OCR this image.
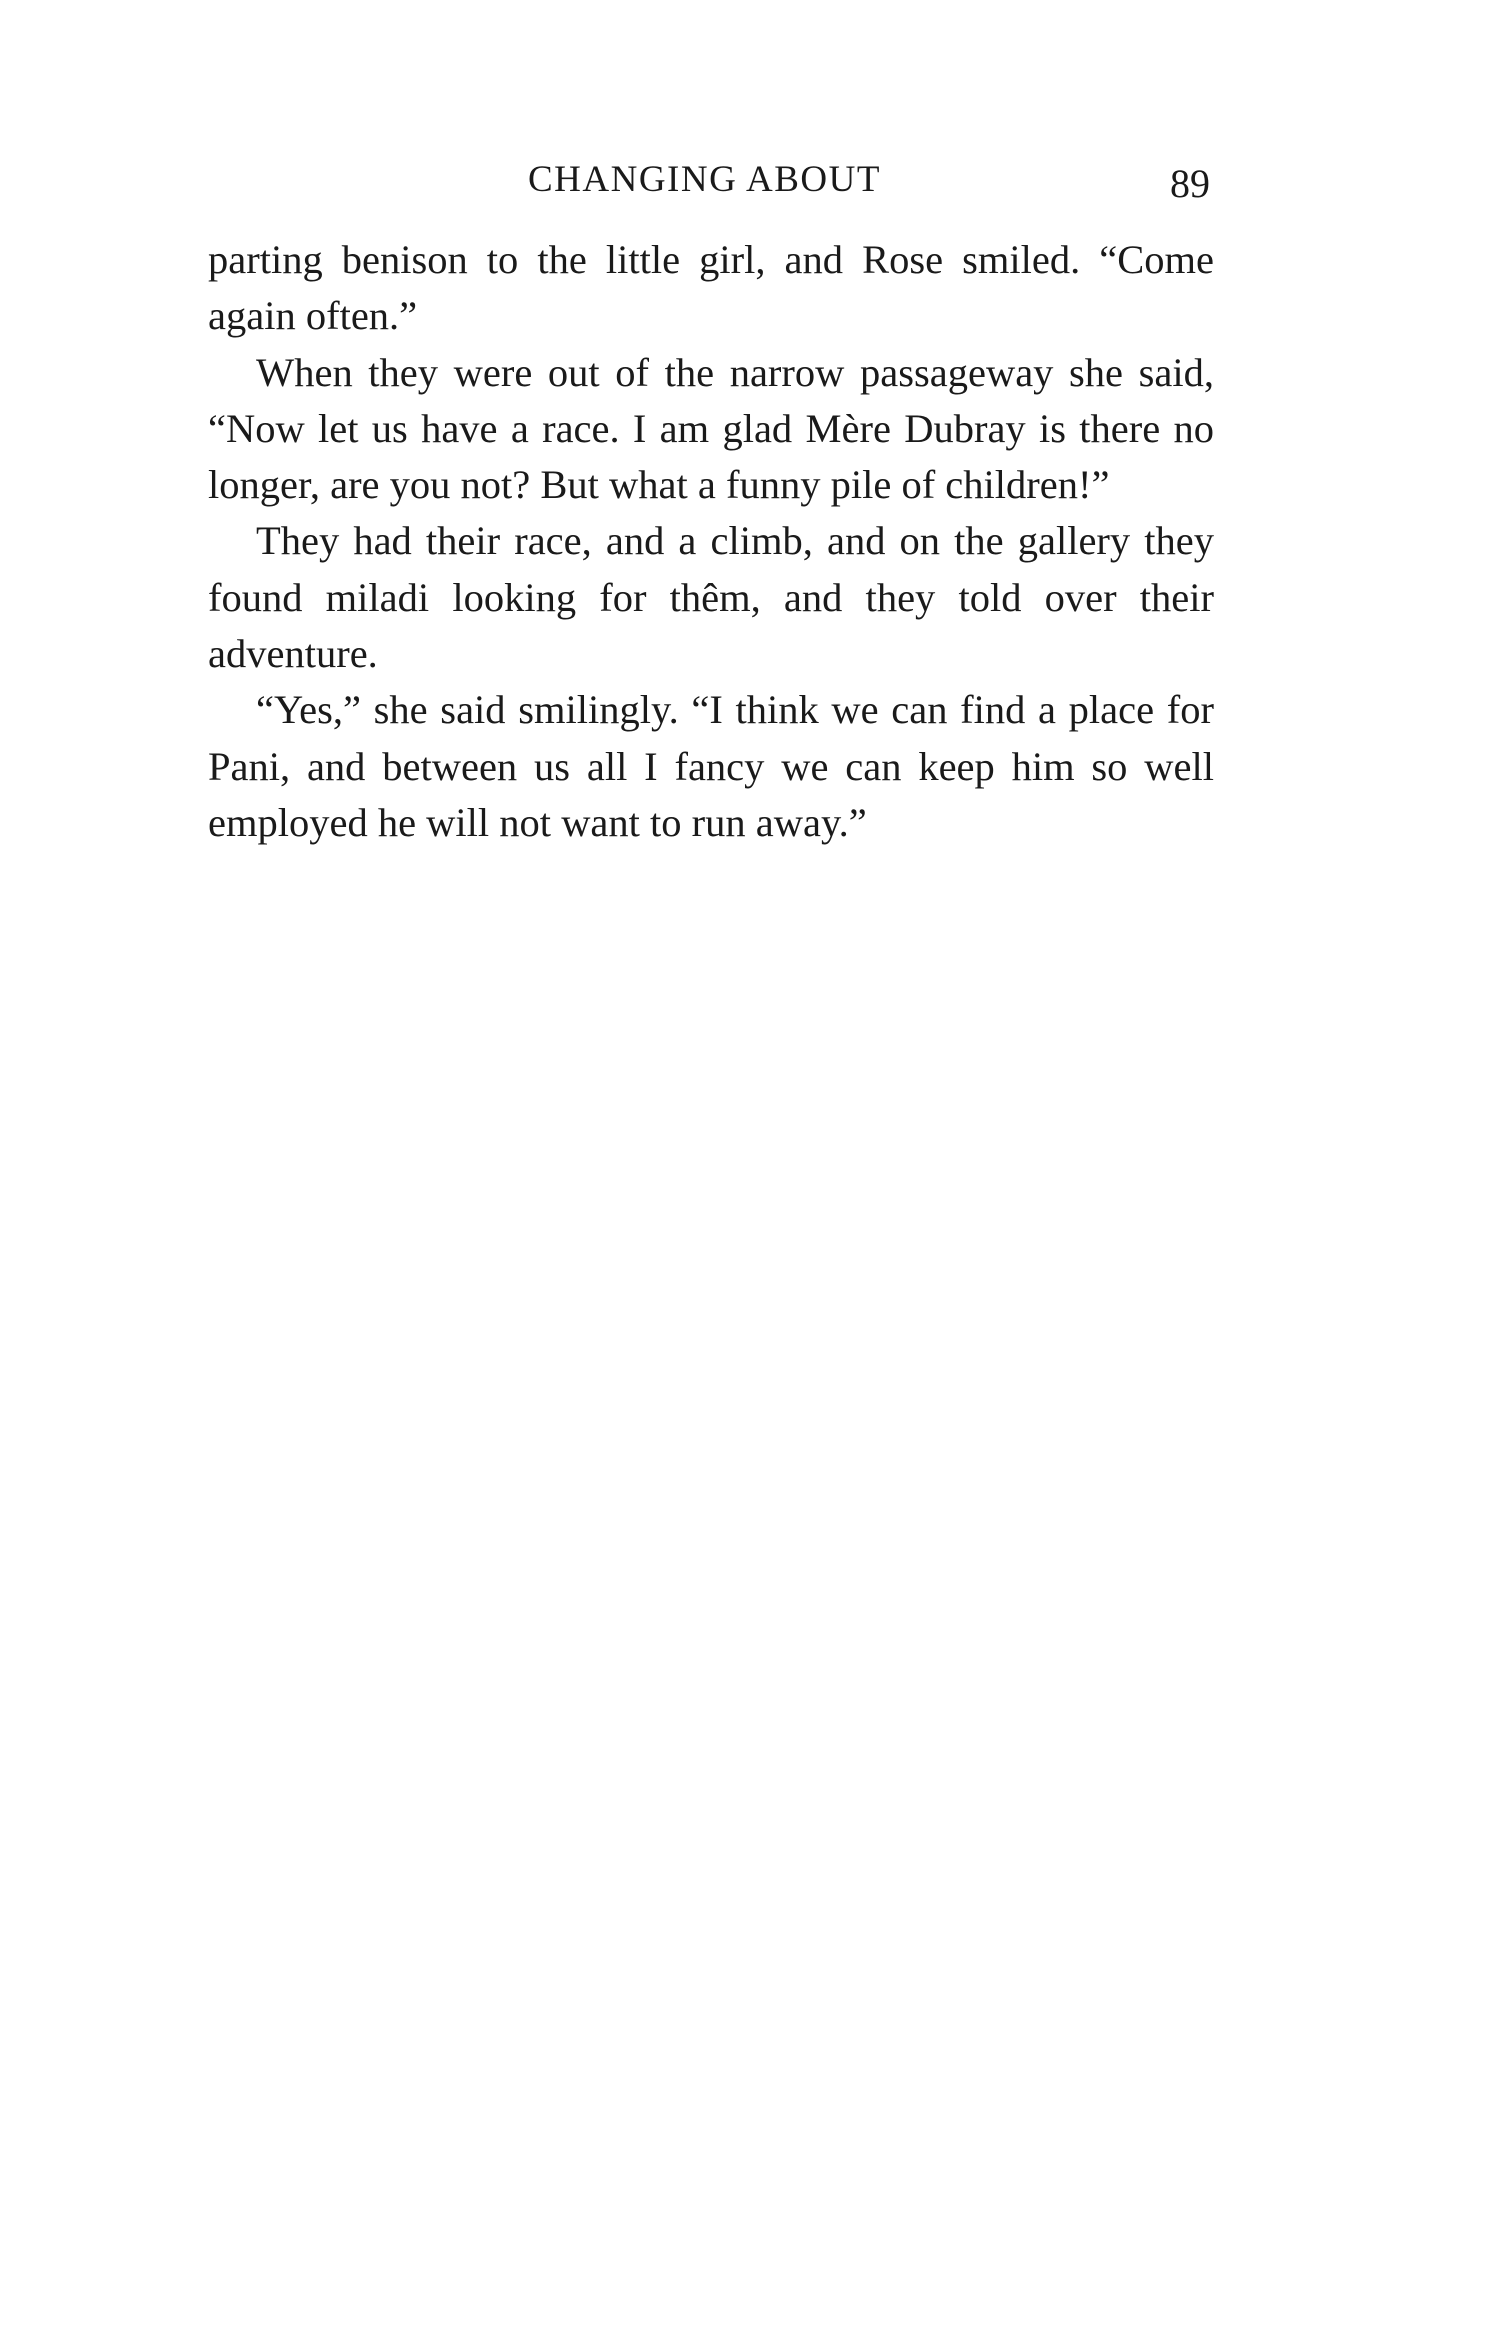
CHANGING ABOUT	89

parting benison to the little girl, and Rose smiled. “Come again often.”

When they were out of the narrow passageway she said, “Now let us have a race. I am glad Mère Dubray is there no longer, are you not? But what a funny pile of children!”

They had their race, and a climb, and on the gallery they found miladi looking for thêm, and they told over their adventure.

“Yes,” she said smilingly. “I think we can find a place for Pani, and between us all I fancy we can keep him so well employed he will not want to run away.”
